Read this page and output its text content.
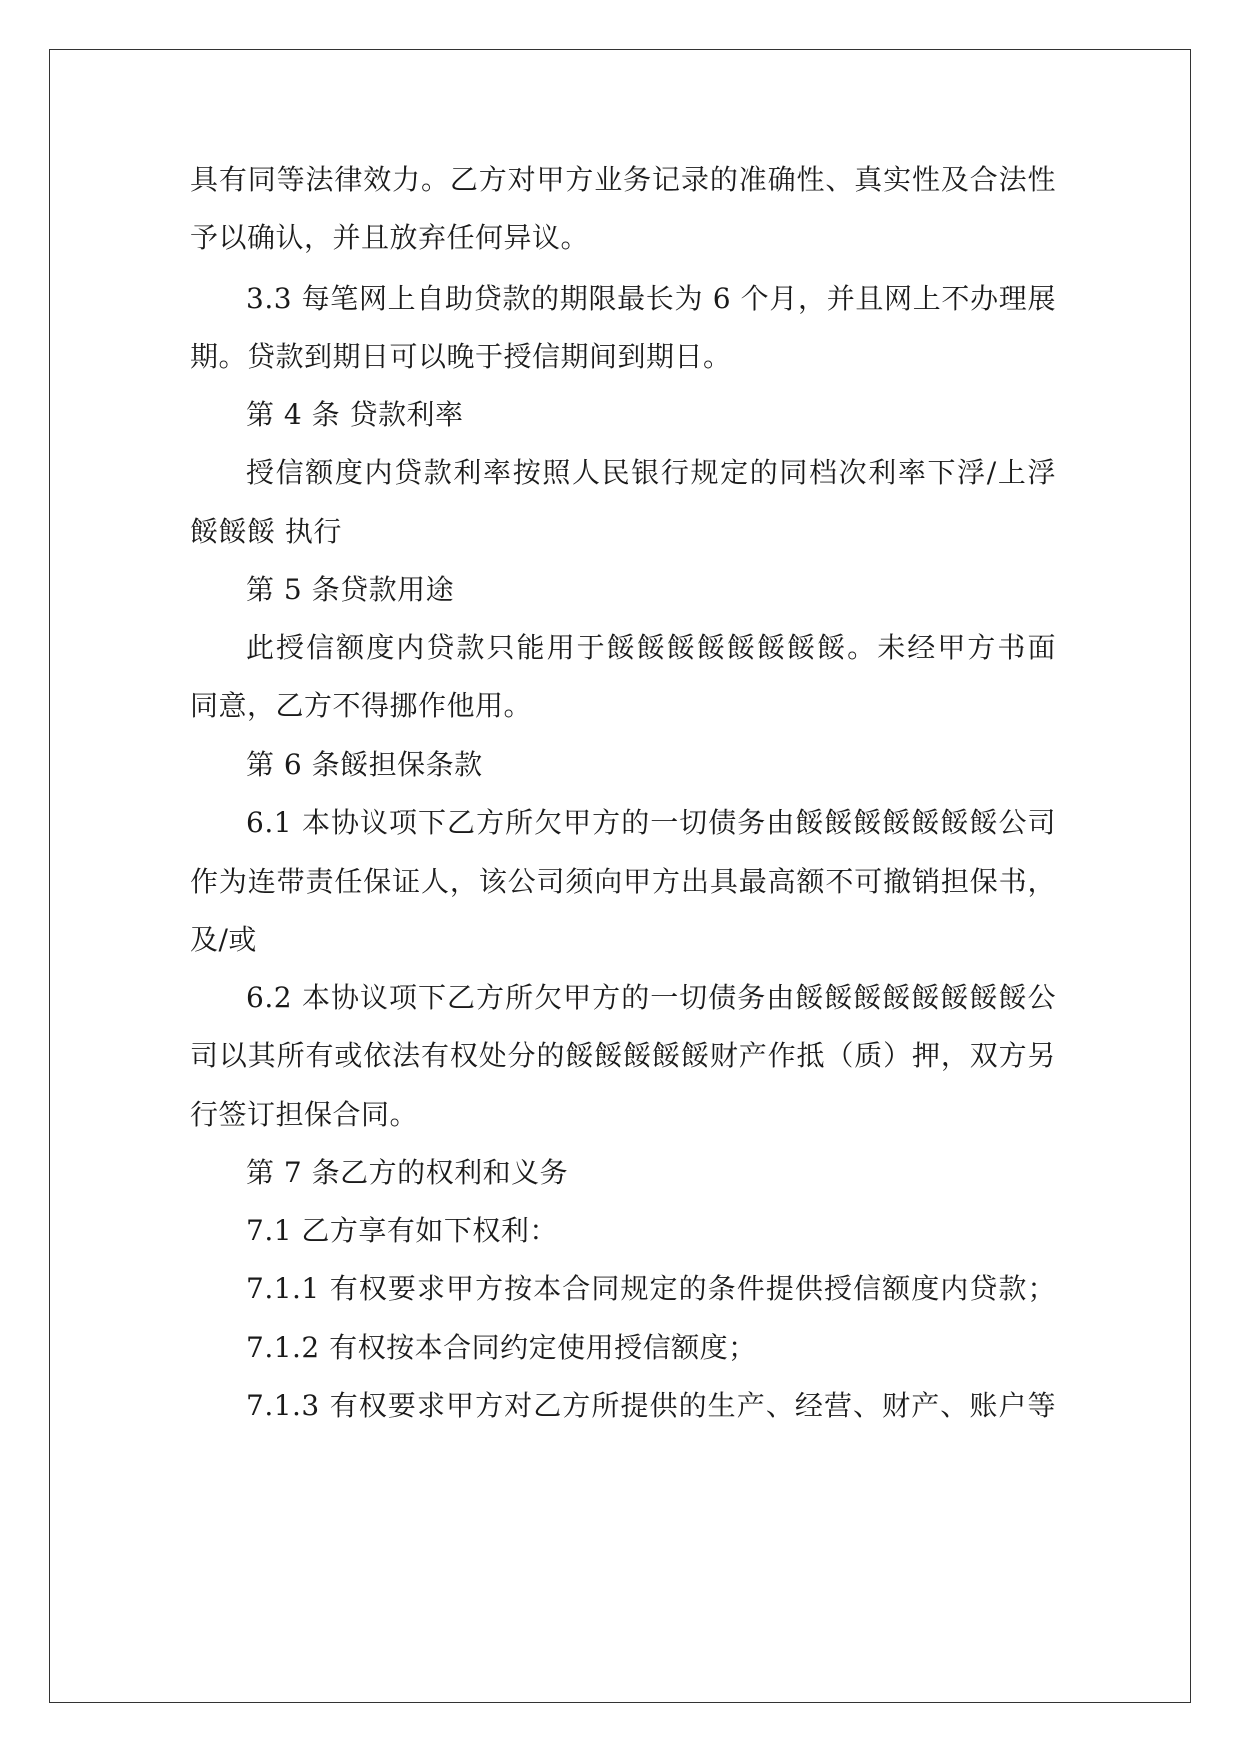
具有同等法律效力。乙方对甲方业务记录的准确性、真实性及合法性
予以确认，并且放弃任何异议。
3.3 每笔网上自助贷款的期限最长为 6 个月，并且网上不办理展
期。贷款到期日可以晚于授信期间到期日。
第 4 条 贷款利率
授信额度内贷款利率按照人民银行规定的同档次利率下浮/上浮
餒餒餒 执行
第 5 条贷款用途
此授信额度内贷款只能用于餒餒餒餒餒餒餒餒。未经甲方书面
同意，乙方不得挪作他用。
第 6 条餒担保条款
6.1 本协议项下乙方所欠甲方的一切债务由餒餒餒餒餒餒餒公司
作为连带责任保证人，该公司须向甲方出具最高额不可撤销担保书，
及/或
6.2 本协议项下乙方所欠甲方的一切债务由餒餒餒餒餒餒餒餒公
司以其所有或依法有权处分的餒餒餒餒餒财产作抵（质）押，双方另
行签订担保合同。
第 7 条乙方的权利和义务
7.1 乙方享有如下权利：
7.1.1 有权要求甲方按本合同规定的条件提供授信额度内贷款；
7.1.2 有权按本合同约定使用授信额度；
7.1.3 有权要求甲方对乙方所提供的生产、经营、财产、账户等
